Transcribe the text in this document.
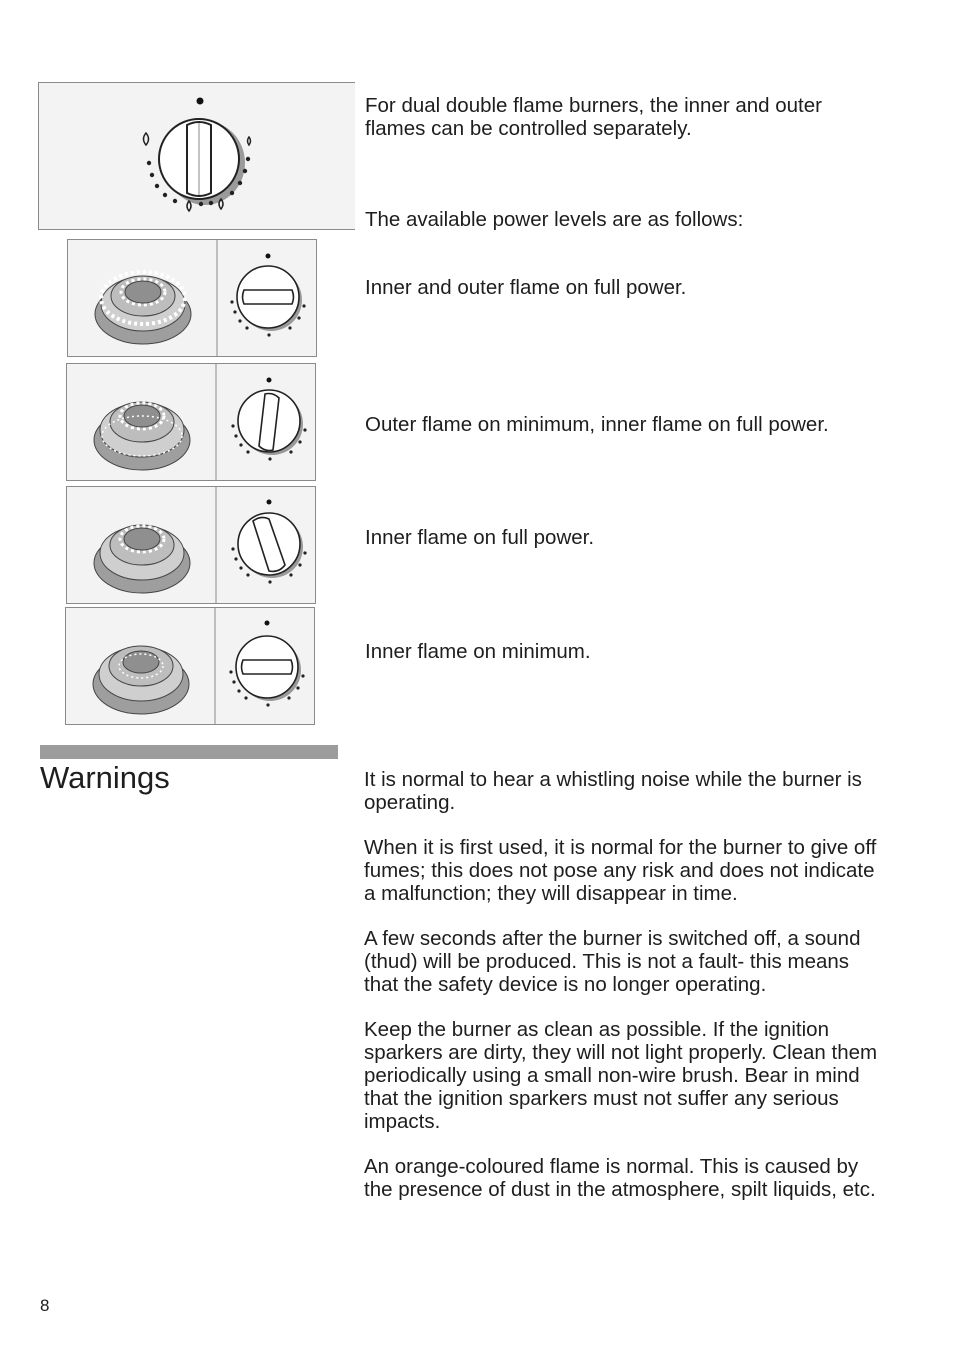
For dual double flame burners, the inner and outer flames can be controlled separately.
The available power levels are as follows:
Inner and outer flame on full power.
Outer flame on minimum, inner flame on full power.
Inner flame on full power.
Inner flame on minimum.
Warnings	It is normal to hear a whistling noise while the burner is operating.

When it is first used, it is normal for the burner to give off fumes; this does not pose any risk and does not indicate a malfunction; they will disappear in time.

A few seconds after the burner is switched off, a sound (thud) will be produced. This is not a fault- this means that the safety device is no longer operating.

Keep the burner as clean as possible. If the ignition sparkers are dirty, they will not light properly. Clean them periodically using a small non-wire brush. Bear in mind that the ignition sparkers must not suffer any serious impacts.

An orange-coloured flame is normal. This is caused by the presence of dust in the atmosphere, spilt liquids, etc.

8
